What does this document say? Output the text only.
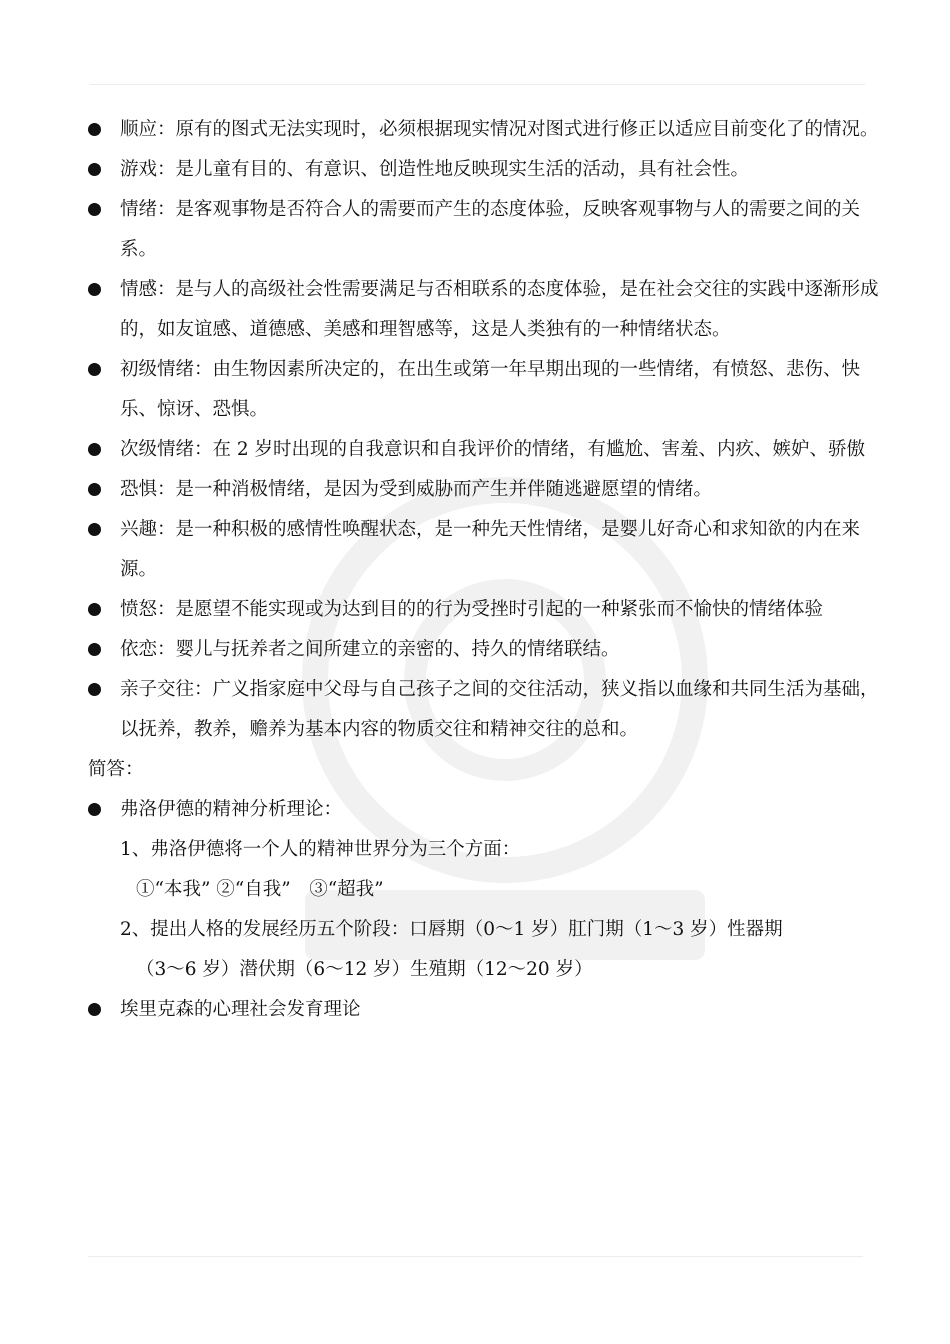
顺应：原有的图式无法实现时，必须根据现实情况对图式进行修正以适应目前变化了的情况。
游戏：是儿童有目的、有意识、创造性地反映现实生活的活动，具有社会性。
情绪：是客观事物是否符合人的需要而产生的态度体验，反映客观事物与人的需要之间的关系。
情感：是与人的高级社会性需要满足与否相联系的态度体验，是在社会交往的实践中逐渐形成的，如友谊感、道德感、美感和理智感等，这是人类独有的一种情绪状态。
初级情绪：由生物因素所决定的，在出生或第一年早期出现的一些情绪，有愤怒、悲伤、快乐、惊讶、恐惧。
次级情绪：在 2 岁时出现的自我意识和自我评价的情绪，有尴尬、害羞、内疚、嫉妒、骄傲
恐惧：是一种消极情绪，是因为受到威胁而产生并伴随逃避愿望的情绪。
兴趣：是一种积极的感情性唤醒状态，是一种先天性情绪，是婴儿好奇心和求知欲的内在来源。
愤怒：是愿望不能实现或为达到目的的行为受挫时引起的一种紧张而不愉快的情绪体验
依恋：婴儿与抚养者之间所建立的亲密的、持久的情绪联结。
亲子交往：广义指家庭中父母与自己孩子之间的交往活动，狭义指以血缘和共同生活为基础，以抚养，教养，赡养为基本内容的物质交往和精神交往的总和。
简答：
弗洛伊德的精神分析理论：
1、弗洛伊德将一个人的精神世界分为三个方面：
①“本我” ②“自我”　③“超我”
2、提出人格的发展经历五个阶段：口唇期（0～1 岁）肛门期（1～3 岁）性器期
（3～6 岁）潜伏期（6～12 岁）生殖期（12～20 岁）
埃里克森的心理社会发育理论
